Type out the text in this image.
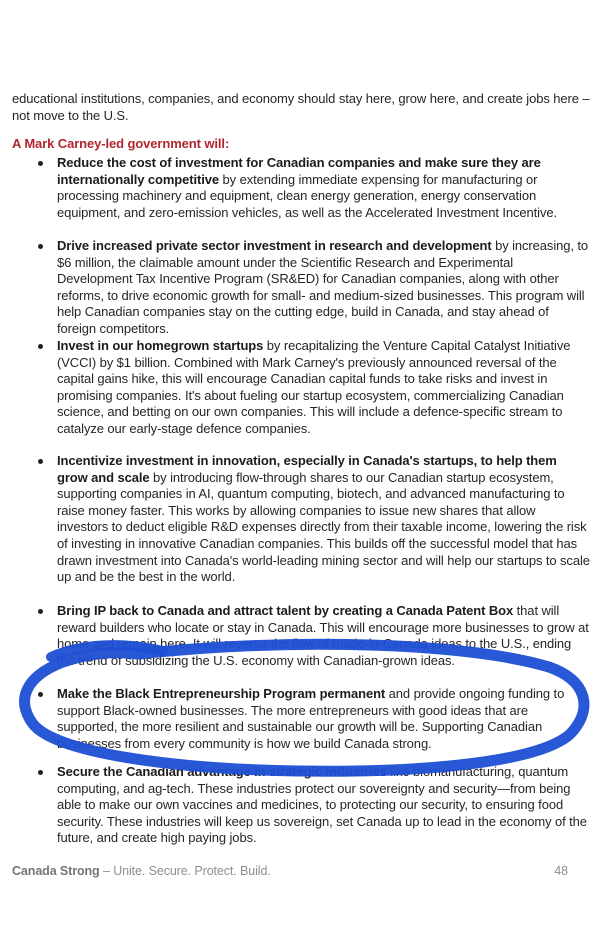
educational institutions, companies, and economy should stay here, grow here, and create jobs here – not move to the U.S.

A Mark Carney-led government will:
Reduce the cost of investment for Canadian companies and make sure they are internationally competitive by extending immediate expensing for manufacturing or processing machinery and equipment, clean energy generation, energy conservation equipment, and zero-emission vehicles, as well as the Accelerated Investment Incentive.
Drive increased private sector investment in research and development by increasing, to $6 million, the claimable amount under the Scientific Research and Experimental Development Tax Incentive Program (SR&ED) for Canadian companies, along with other reforms, to drive economic growth for small- and medium-sized businesses. This program will help Canadian companies stay on the cutting edge, build in Canada, and stay ahead of foreign competitors.
Invest in our homegrown startups by recapitalizing the Venture Capital Catalyst Initiative (VCCI) by $1 billion. Combined with Mark Carney's previously announced reversal of the capital gains hike, this will encourage Canadian capital funds to take risks and invest in promising companies. It's about fueling our startup ecosystem, commercializing Canadian science, and betting on our own companies. This will include a defence-specific stream to catalyze our early-stage defence companies.
Incentivize investment in innovation, especially in Canada's startups, to help them grow and scale by introducing flow-through shares to our Canadian startup ecosystem, supporting companies in AI, quantum computing, biotech, and advanced manufacturing to raise money faster. This works by allowing companies to issue new shares that allow investors to deduct eligible R&D expenses directly from their taxable income, lowering the risk of investing in innovative Canadian companies. This builds off the successful model that has drawn investment into Canada's world-leading mining sector and will help our startups to scale up and be the best in the world.
Bring IP back to Canada and attract talent by creating a Canada Patent Box that will reward builders who locate or stay in Canada. This will encourage more businesses to grow at home and remain here. It will reverse the flow of made-in-Canada ideas to the U.S., ending the trend of subsidizing the U.S. economy with Canadian-grown ideas.
Make the Black Entrepreneurship Program permanent and provide ongoing funding to support Black-owned businesses. The more entrepreneurs with good ideas that are supported, the more resilient and sustainable our growth will be. Supporting Canadian businesses from every community is how we build Canada strong.
Secure the Canadian advantage in strategic industries like biomanufacturing, quantum computing, and ag-tech. These industries protect our sovereignty and security—from being able to make our own vaccines and medicines, to protecting our security, to ensuring food security. These industries will keep us sovereign, set Canada up to lead in the economy of the future, and create high paying jobs.
Canada Strong – Unite. Secure. Protect. Build.	48
